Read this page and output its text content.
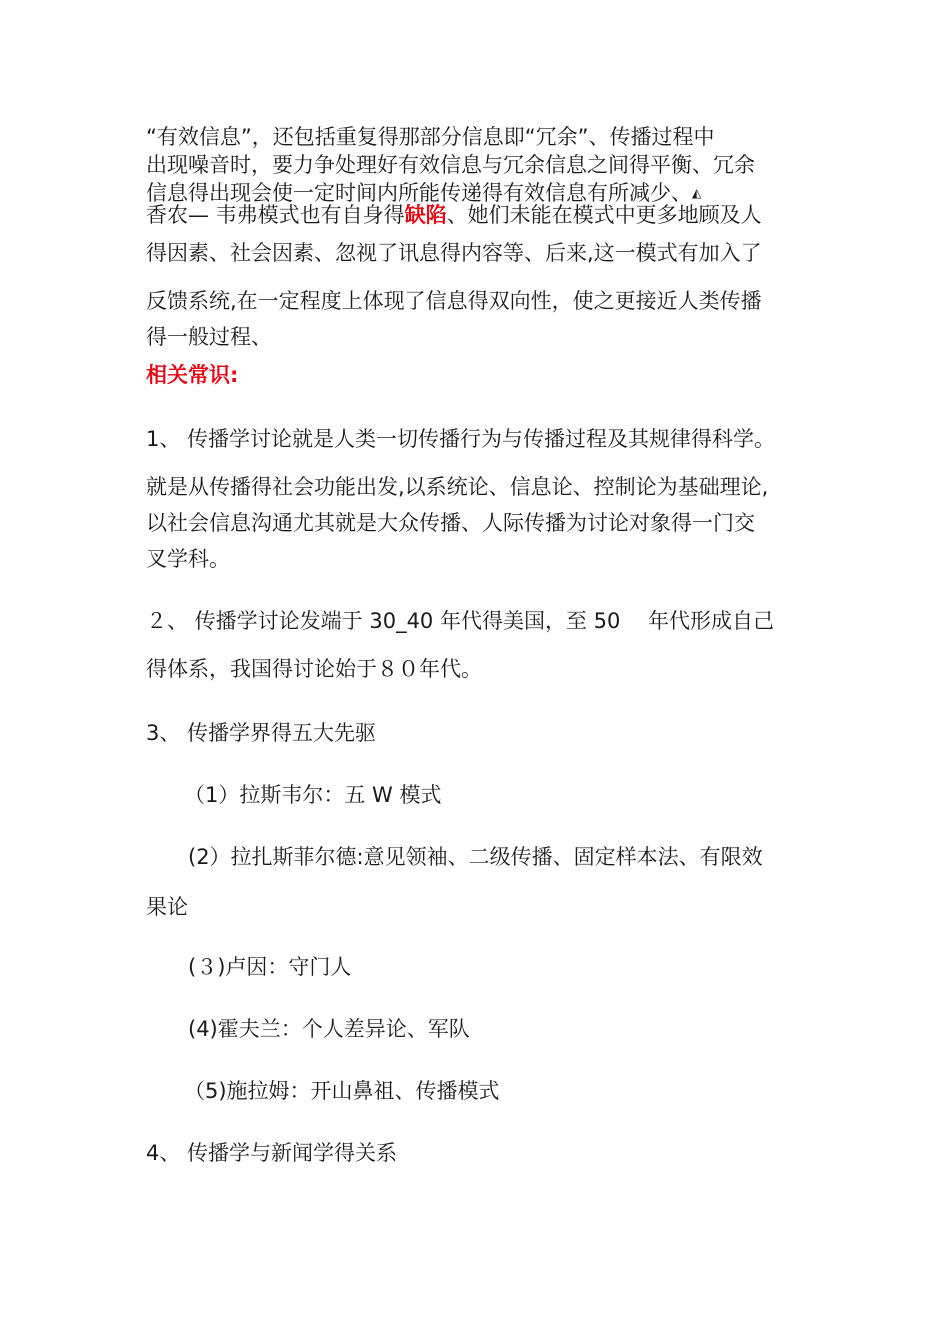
“有效信息”，还包括重复得那部分信息即“冗余”、传播过程中
出现噪音时，要力争处理好有效信息与冗余信息之间得平衡、冗余
信息得出现会使一定时间内所能传递得有效信息有所减少、◭
香农— 韦弗模式也有自身得缺陷、她们未能在模式中更多地顾及人
得因素、社会因素、忽视了讯息得内容等、后来,这一模式有加入了
反馈系统,在一定程度上体现了信息得双向性，使之更接近人类传播
得一般过程、
相关常识:
1、 传播学讨论就是人类一切传播行为与传播过程及其规律得科学。
就是从传播得社会功能出发,以系统论、信息论、控制论为基础理论,
以社会信息沟通尤其就是大众传播、人际传播为讨论对象得一门交
叉学科。
２、 传播学讨论发端于 30_40 年代得美国，至 50　 年代形成自己
得体系，我国得讨论始于８０年代。
3、 传播学界得五大先驱
（1）拉斯韦尔：五 W 模式
(2）拉扎斯菲尔德:意见领袖、二级传播、固定样本法、有限效
果论
(３)卢因：守门人
(4)霍夫兰：个人差异论、军队
（5)施拉姆：开山鼻祖、传播模式
4、 传播学与新闻学得关系
